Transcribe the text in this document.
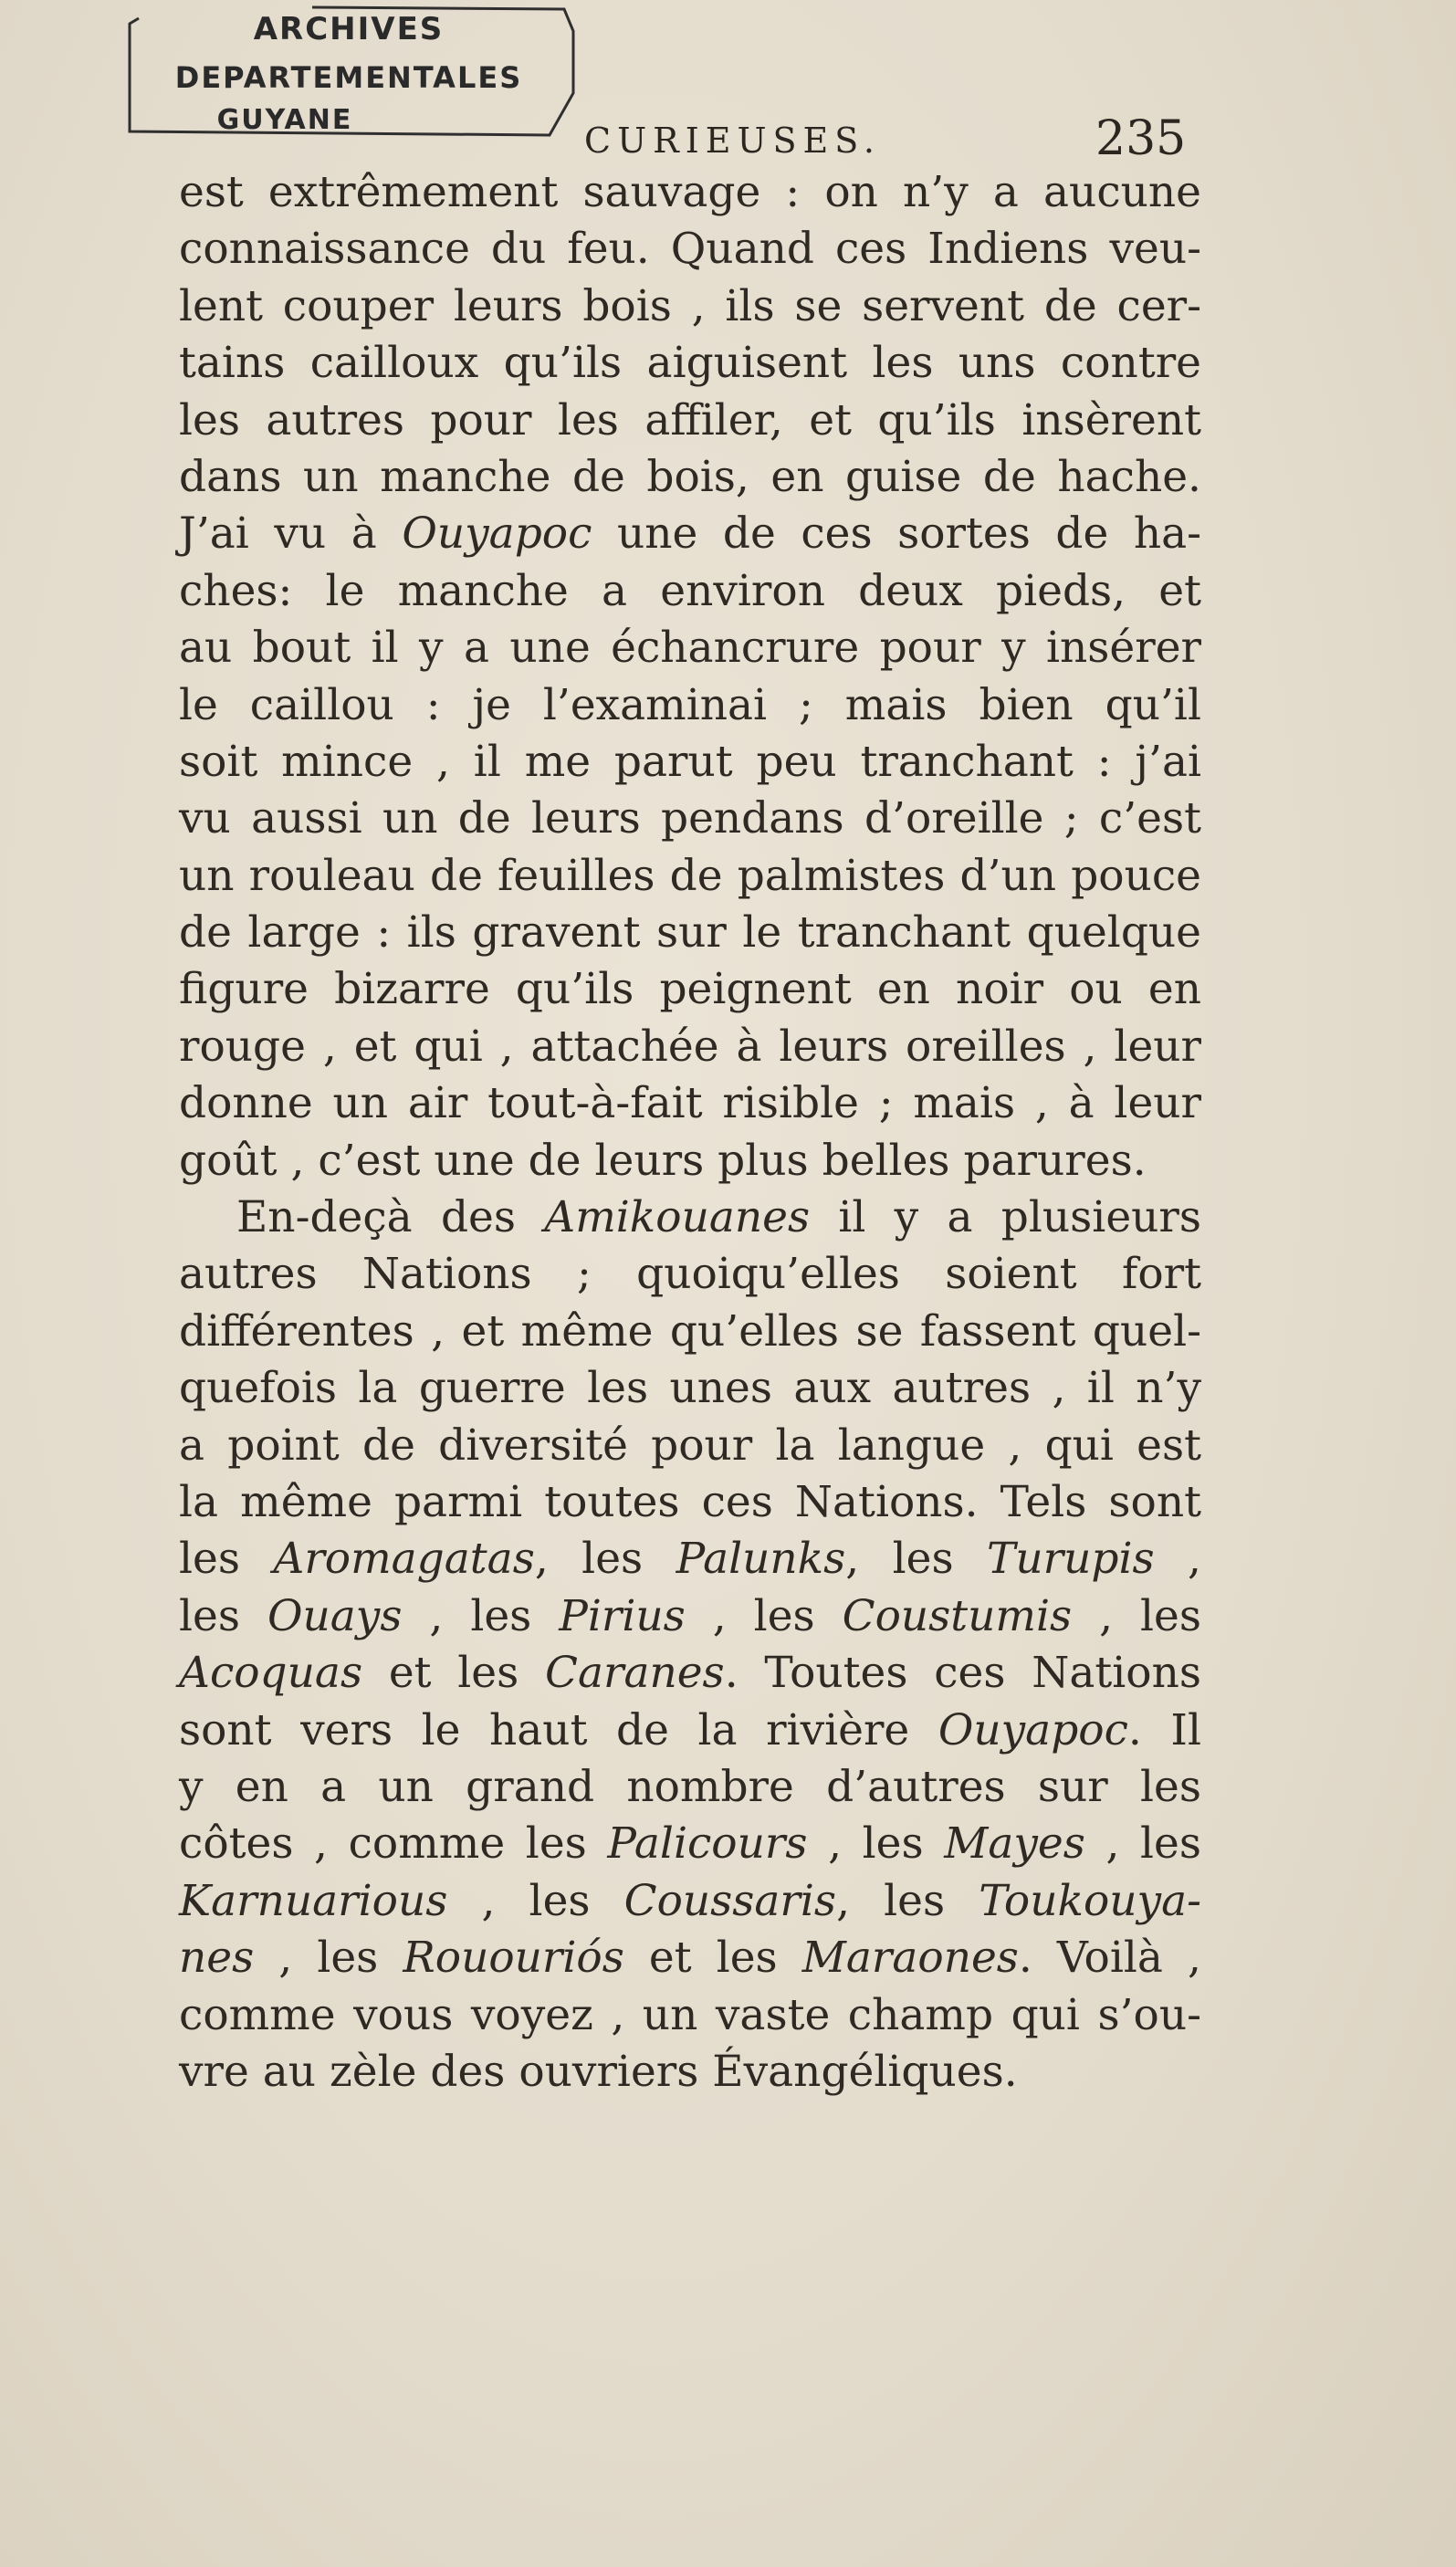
ARCHIVES
DEPARTEMENTALES
GUYANE
CURIEUSES.	235
est extrêmement sauvage : on n’y a aucune
connaissance du feu. Quand ces Indiens veu-
lent couper leurs bois , ils se servent de cer-
tains cailloux qu’ils aiguisent les uns contre
les autres pour les affiler, et qu’ils insèrent
dans un manche de bois, en guise de hache.
J’ai vu à Ouyapoc une de ces sortes de ha-
ches: le manche a environ deux pieds, et
au bout il y a une échancrure pour y insérer
le caillou : je l’examinai ; mais bien qu’il
soit mince , il me parut peu tranchant : j’ai
vu aussi un de leurs pendans d’oreille ; c’est
un rouleau de feuilles de palmistes d’un pouce
de large : ils gravent sur le tranchant quelque
figure bizarre qu’ils peignent en noir ou en
rouge , et qui , attachée à leurs oreilles , leur
donne un air tout-à-fait risible ; mais , à leur
goût , c’est une de leurs plus belles parures.
En-deçà des Amikouanes il y a plusieurs
autres Nations ; quoiqu’elles soient fort
différentes , et même qu’elles se fassent quel-
quefois la guerre les unes aux autres , il n’y
a point de diversité pour la langue , qui est
la même parmi toutes ces Nations. Tels sont
les Aromagatas, les Palunks, les Turupis ,
les Ouays , les Pirius , les Coustumis , les
Acoquas et les Caranes. Toutes ces Nations
sont vers le haut de la rivière Ouyapoc. Il
y en a un grand nombre d’autres sur les
côtes , comme les Palicours , les Mayes , les
Karnuarious , les Coussaris, les Toukouya-
nes , les Rououriós et les Maraones. Voilà ,
comme vous voyez , un vaste champ qui s’ou-
vre au zèle des ouvriers Évangéliques.
